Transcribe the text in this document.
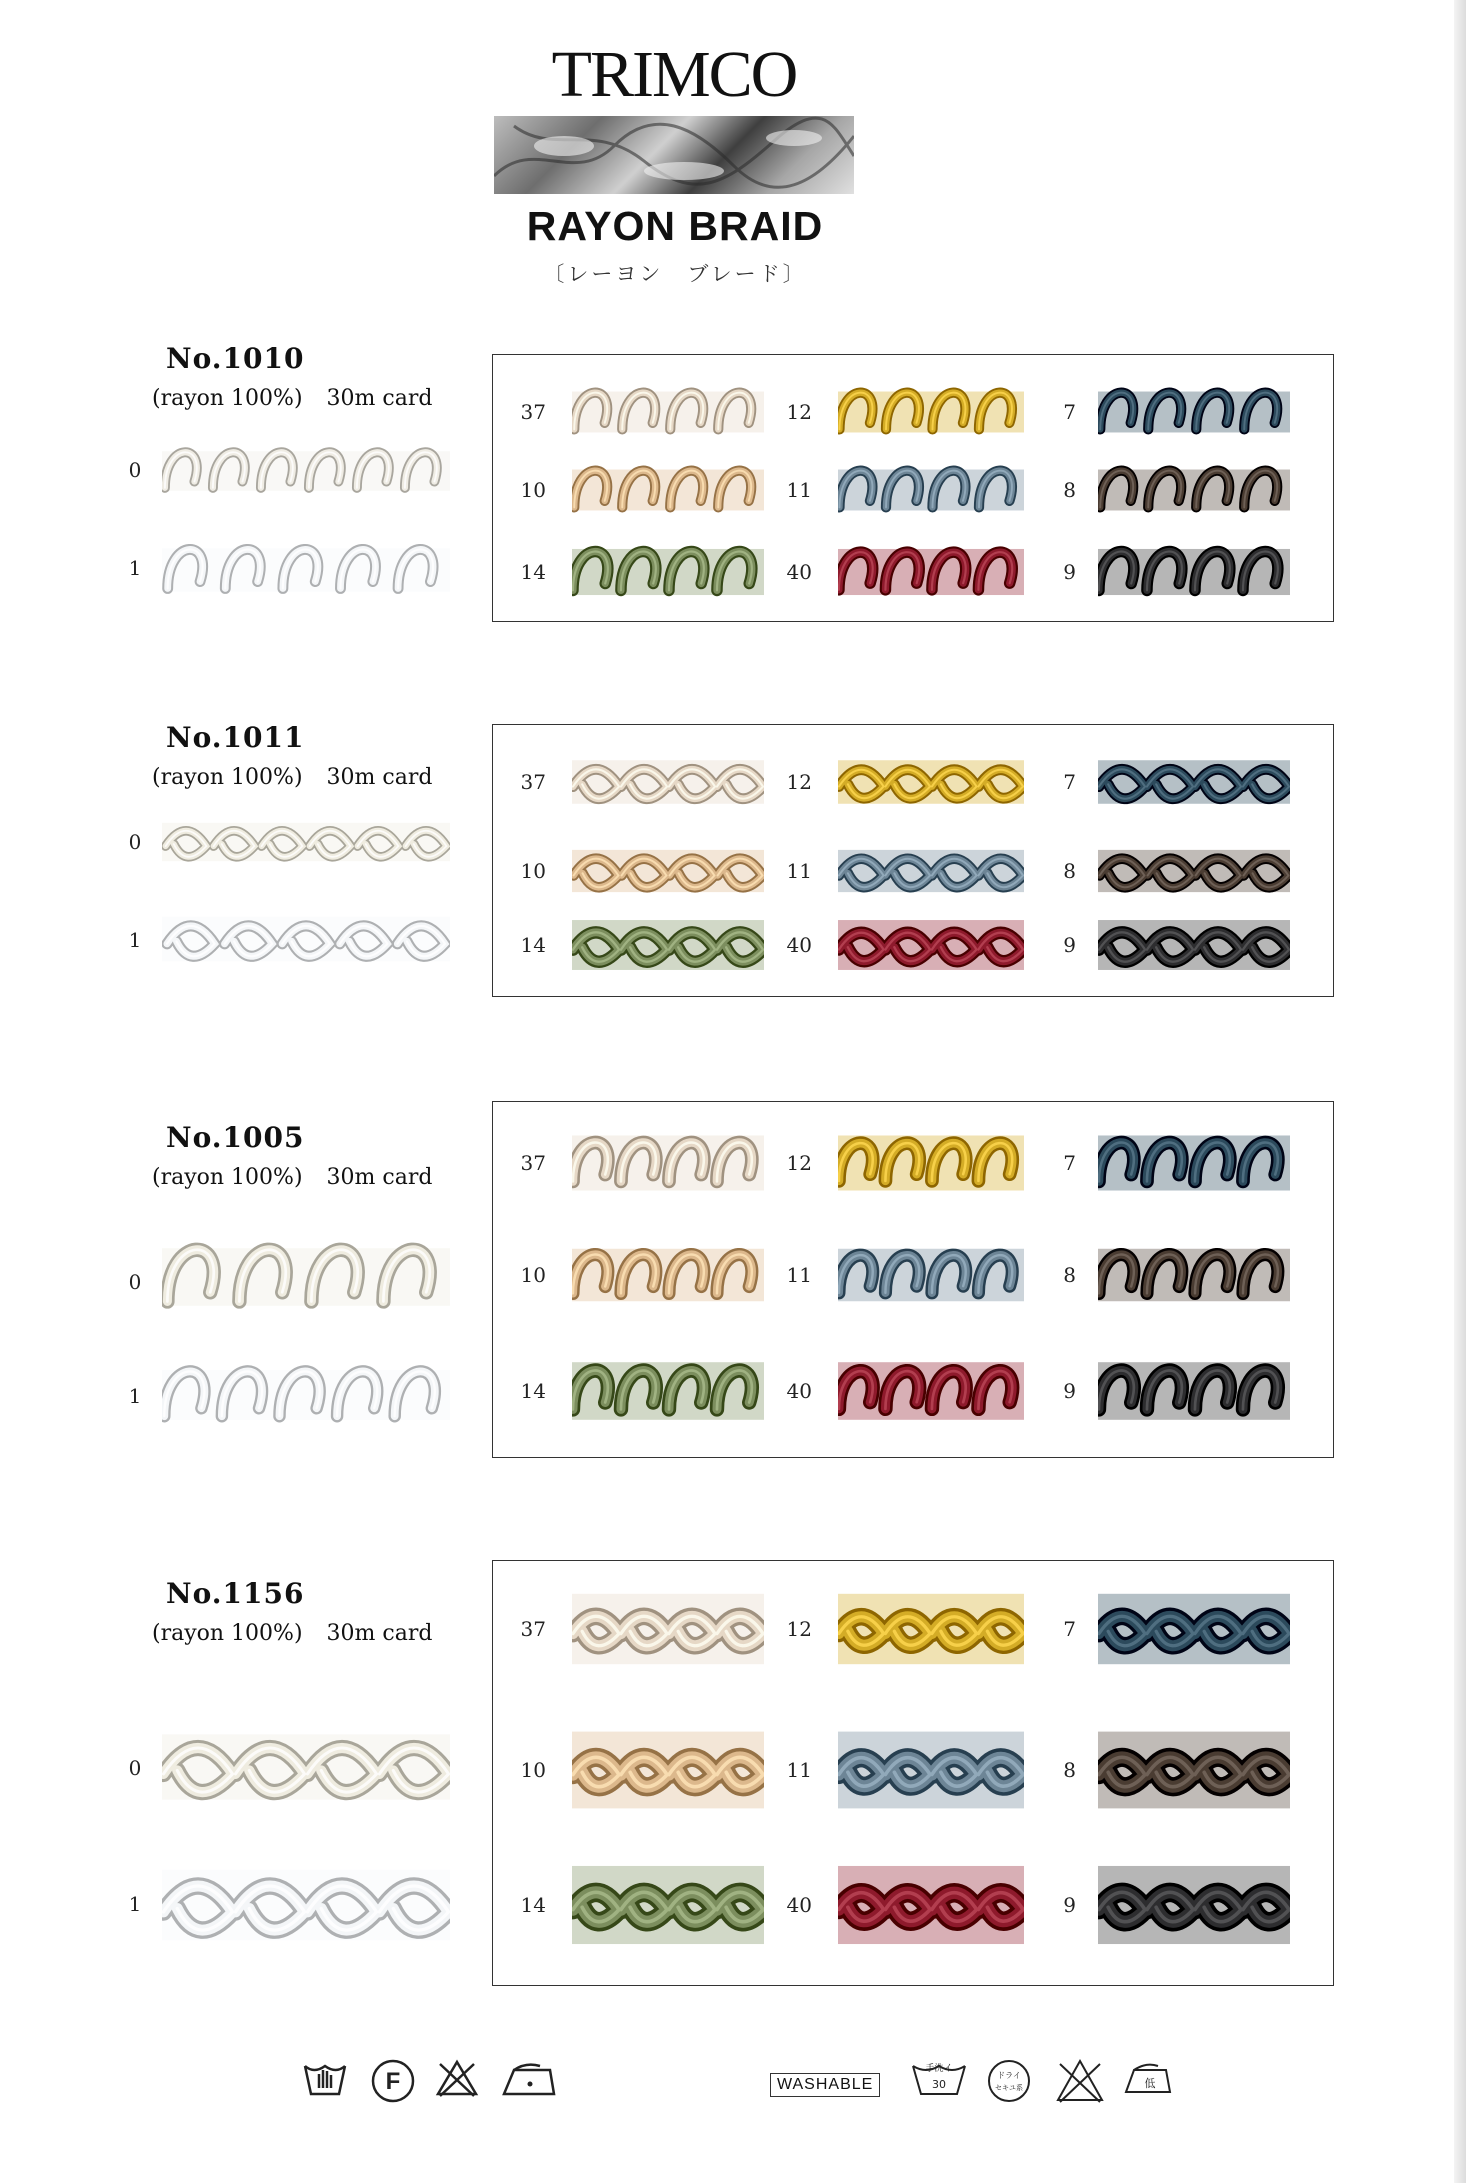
TRIMCO
RAYON BRAID
〔レーヨン　ブレード〕
No.1010
(rayon 100%) 30m card
0
1
37	12	7
10	11	8
14	40	9
No.1011
(rayon 100%) 30m card
0
1
37	12	7
10	11	8
14	40	9
No.1005
(rayon 100%) 30m card
0
1
37	12	7
10	11	8
14	40	9
No.1156
(rayon 100%) 30m card
0
1
37	12	7
10	11	8
14	40	9
F	WASHABLE
手洗イ
30
ドライ
セキユ系	低
